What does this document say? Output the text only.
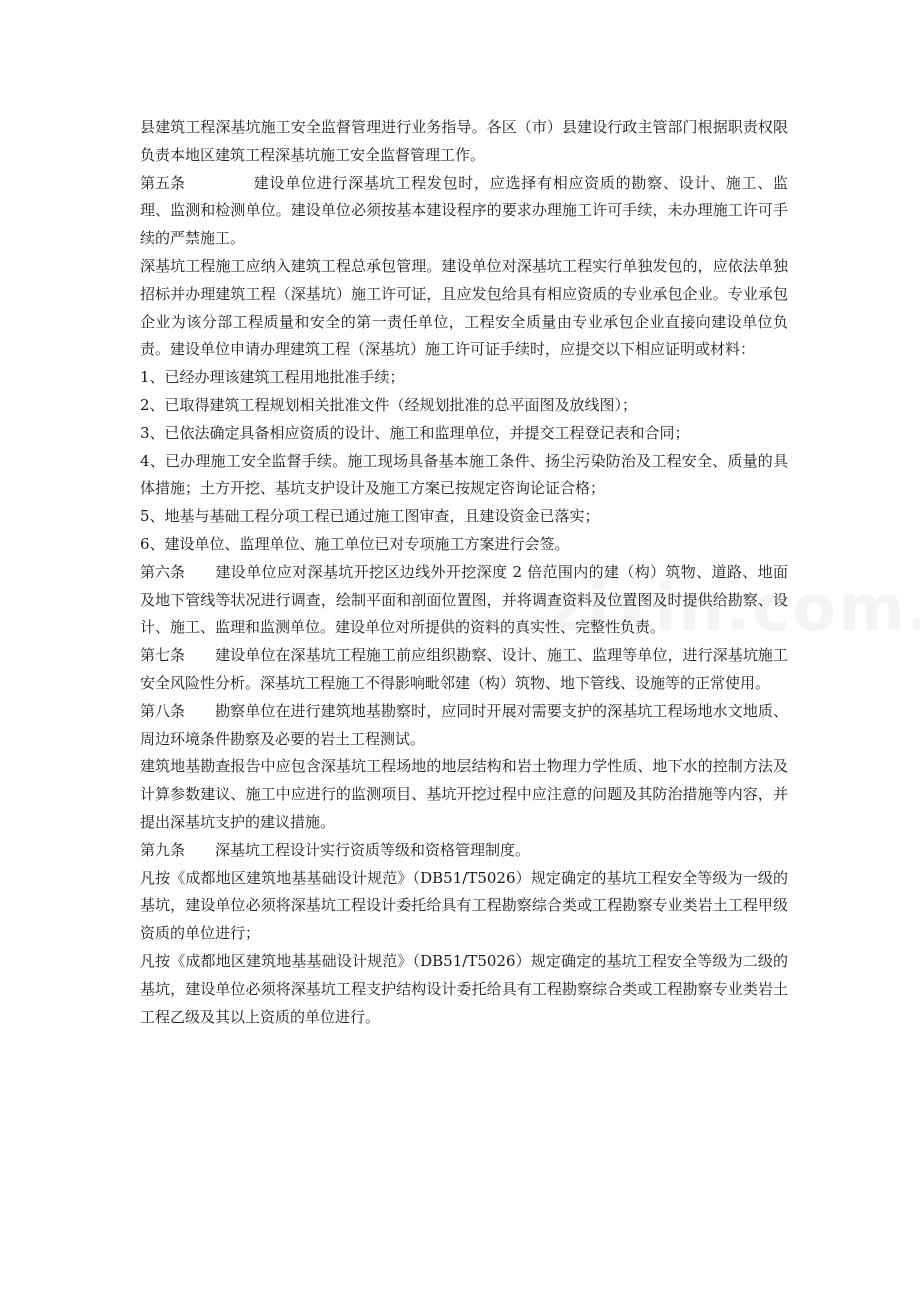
县建筑工程深基坑施工安全监督管理进行业务指导。各区（市）县建设行政主管部门根据职责权限负责本地区建筑工程深基坑施工安全监督管理工作。

第五条	建设单位进行深基坑工程发包时，应选择有相应资质的勘察、设计、施工、监理、监测和检测单位。建设单位必须按基本建设程序的要求办理施工许可手续，未办理施工许可手续的严禁施工。

深基坑工程施工应纳入建筑工程总承包管理。建设单位对深基坑工程实行单独发包的，应依法单独招标并办理建筑工程（深基坑）施工许可证，且应发包给具有相应资质的专业承包企业。专业承包企业为该分部工程质量和安全的第一责任单位，工程安全质量由专业承包企业直接向建设单位负责。建设单位申请办理建筑工程（深基坑）施工许可证手续时，应提交以下相应证明或材料：

1、已经办理该建筑工程用地批准手续；

2、已取得建筑工程规划相关批准文件（经规划批准的总平面图及放线图）；

3、已依法确定具备相应资质的设计、施工和监理单位，并提交工程登记表和合同；

4、已办理施工安全监督手续。施工现场具备基本施工条件、扬尘污染防治及工程安全、质量的具体措施；土方开挖、基坑支护设计及施工方案已按规定咨询论证合格；

5、地基与基础工程分项工程已通过施工图审查，且建设资金已落实；

6、建设单位、监理单位、施工单位已对专项施工方案进行会签。

第六条 建设单位应对深基坑开挖区边线外开挖深度 2 倍范围内的建（构）筑物、道路、地面及地下管线等状况进行调查，绘制平面和剖面位置图，并将调查资料及位置图及时提供给勘察、设计、施工、监理和监测单位。建设单位对所提供的资料的真实性、完整性负责。

第七条 建设单位在深基坑工程施工前应组织勘察、设计、施工、监理等单位，进行深基坑施工安全风险性分析。深基坑工程施工不得影响毗邻建（构）筑物、地下管线、设施等的正常使用。

第八条 勘察单位在进行建筑地基勘察时，应同时开展对需要支护的深基坑工程场地水文地质、周边环境条件勘察及必要的岩土工程测试。

建筑地基勘查报告中应包含深基坑工程场地的地层结构和岩土物理力学性质、地下水的控制方法及计算参数建议、施工中应进行的监测项目、基坑开挖过程中应注意的问题及其防治措施等内容，并提出深基坑支护的建议措施。

第九条 深基坑工程设计实行资质等级和资格管理制度。

凡按《成都地区建筑地基基础设计规范》（DB51/T5026）规定确定的基坑工程安全等级为一级的基坑，建设单位必须将深基坑工程设计委托给具有工程勘察综合类或工程勘察专业类岩土工程甲级资质的单位进行；

凡按《成都地区建筑地基基础设计规范》（DB51/T5026）规定确定的基坑工程安全等级为二级的基坑，建设单位必须将深基坑工程支护结构设计委托给具有工程勘察综合类或工程勘察专业类岩土工程乙级及其以上资质的单位进行。
